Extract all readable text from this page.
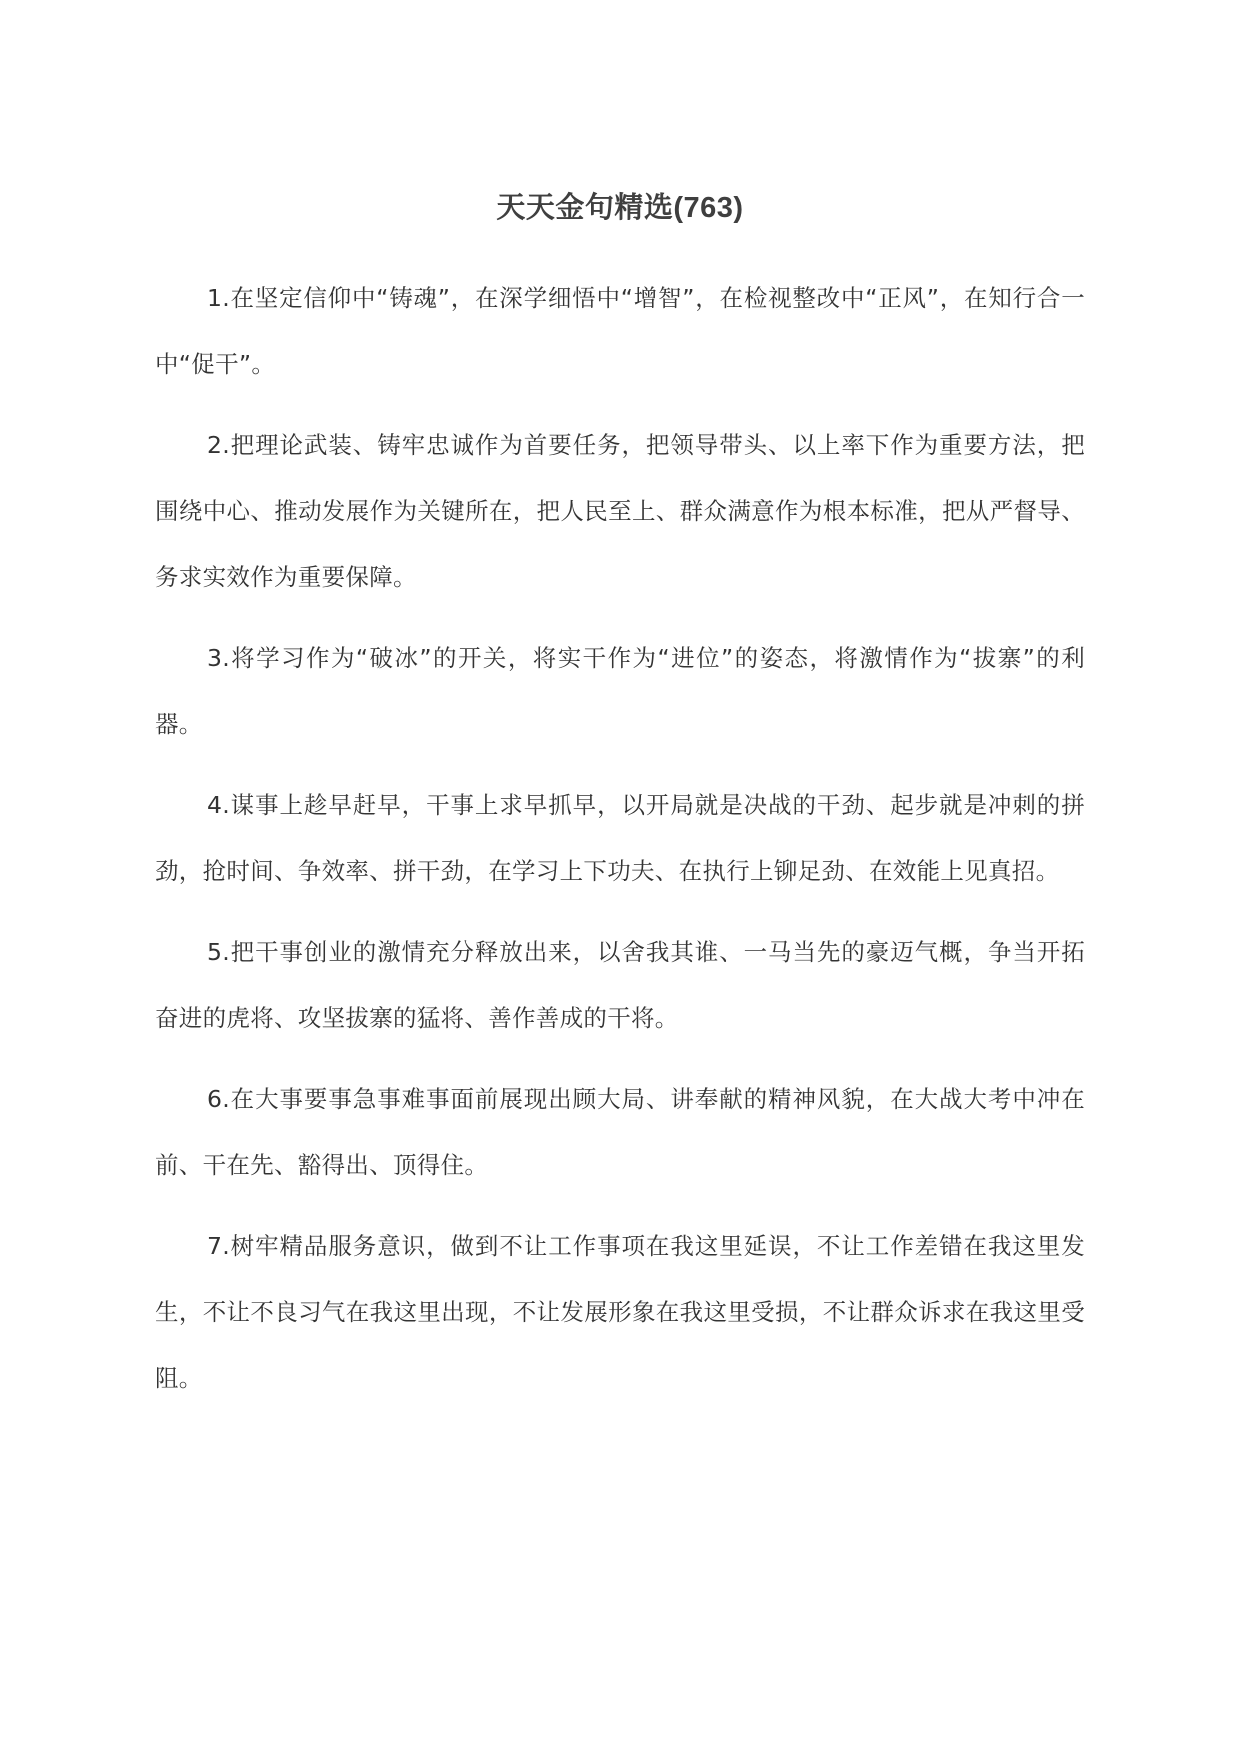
天天金句精选(763)

1.在坚定信仰中“铸魂”，在深学细悟中“增智”，在检视整改中“正风”，在知行合一中“促干”。

2.把理论武装、铸牢忠诚作为首要任务，把领导带头、以上率下作为重要方法，把围绕中心、推动发展作为关键所在，把人民至上、群众满意作为根本标准，把从严督导、务求实效作为重要保障。

3.将学习作为“破冰”的开关，将实干作为“进位”的姿态，将激情作为“拔寨”的利器。

4.谋事上趁早赶早，干事上求早抓早，以开局就是决战的干劲、起步就是冲刺的拼劲，抢时间、争效率、拼干劲，在学习上下功夫、在执行上铆足劲、在效能上见真招。

5.把干事创业的激情充分释放出来，以舍我其谁、一马当先的豪迈气概，争当开拓奋进的虎将、攻坚拔寨的猛将、善作善成的干将。

6.在大事要事急事难事面前展现出顾大局、讲奉献的精神风貌，在大战大考中冲在前、干在先、豁得出、顶得住。

7.树牢精品服务意识，做到不让工作事项在我这里延误，不让工作差错在我这里发生，不让不良习气在我这里出现，不让发展形象在我这里受损，不让群众诉求在我这里受阻。
